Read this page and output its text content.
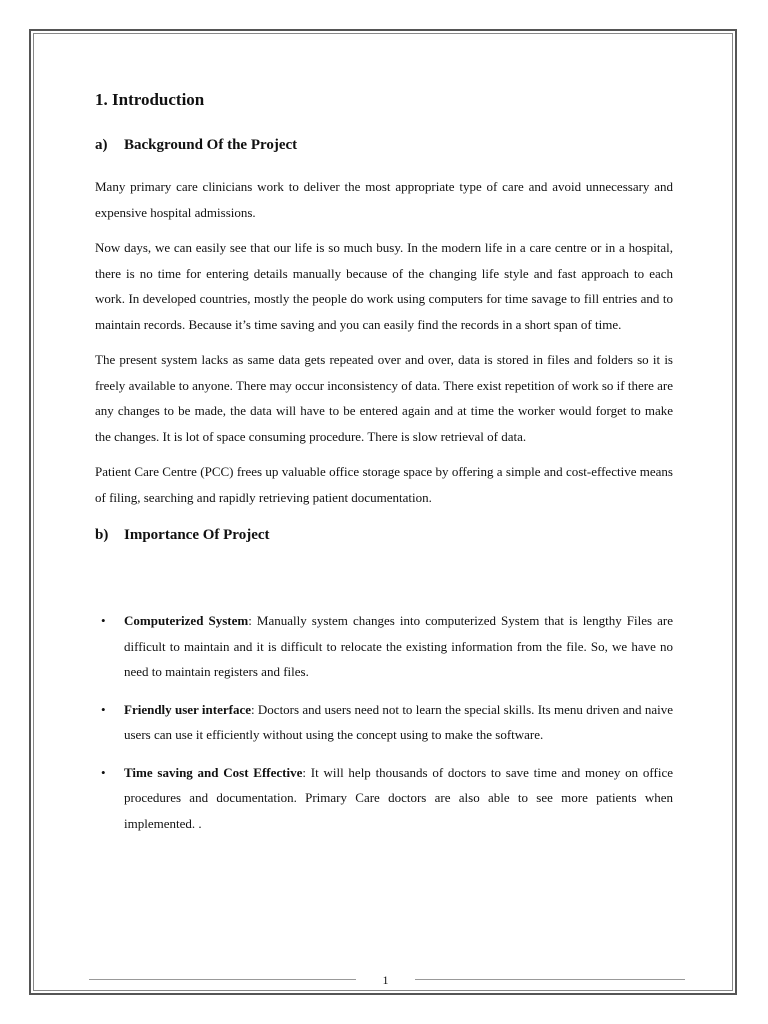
1. Introduction
a)	Background Of the Project

Many primary care clinicians work to deliver the most appropriate type of care and avoid unnecessary and expensive hospital admissions.

Now days, we can easily see that our life is so much busy. In the modern life in a care centre or in a hospital, there is no time for entering details manually because of the changing life style and fast approach to each work. In developed countries, mostly the people do work using computers for time savage to fill entries and to maintain records. Because it’s time saving and you can easily find the records in a short span of time.

The present system lacks as same data gets repeated over and over, data is stored in files and folders so it is freely available to anyone. There may occur inconsistency of data. There exist repetition of work so if there are any changes to be made, the data will have to be entered again and at time the worker would forget to make the changes. It is lot of space consuming procedure. There is slow retrieval of data.

Patient Care Centre (PCC) frees up valuable office storage space by offering a simple and cost-effective means of filing, searching and rapidly retrieving patient documentation.

b)	Importance Of Project
• Computerized System: Manually system changes into computerized System that is lengthy Files are difficult to maintain and it is difficult to relocate the existing information from the file. So, we have no need to maintain registers and files.
• Friendly user interface: Doctors and users need not to learn the special skills. Its menu driven and naive users can use it efficiently without using the concept using to make the software.
• Time saving and Cost Effective: It will help thousands of doctors to save time and money on office procedures and documentation. Primary Care doctors are also able to see more patients when implemented. .
1
